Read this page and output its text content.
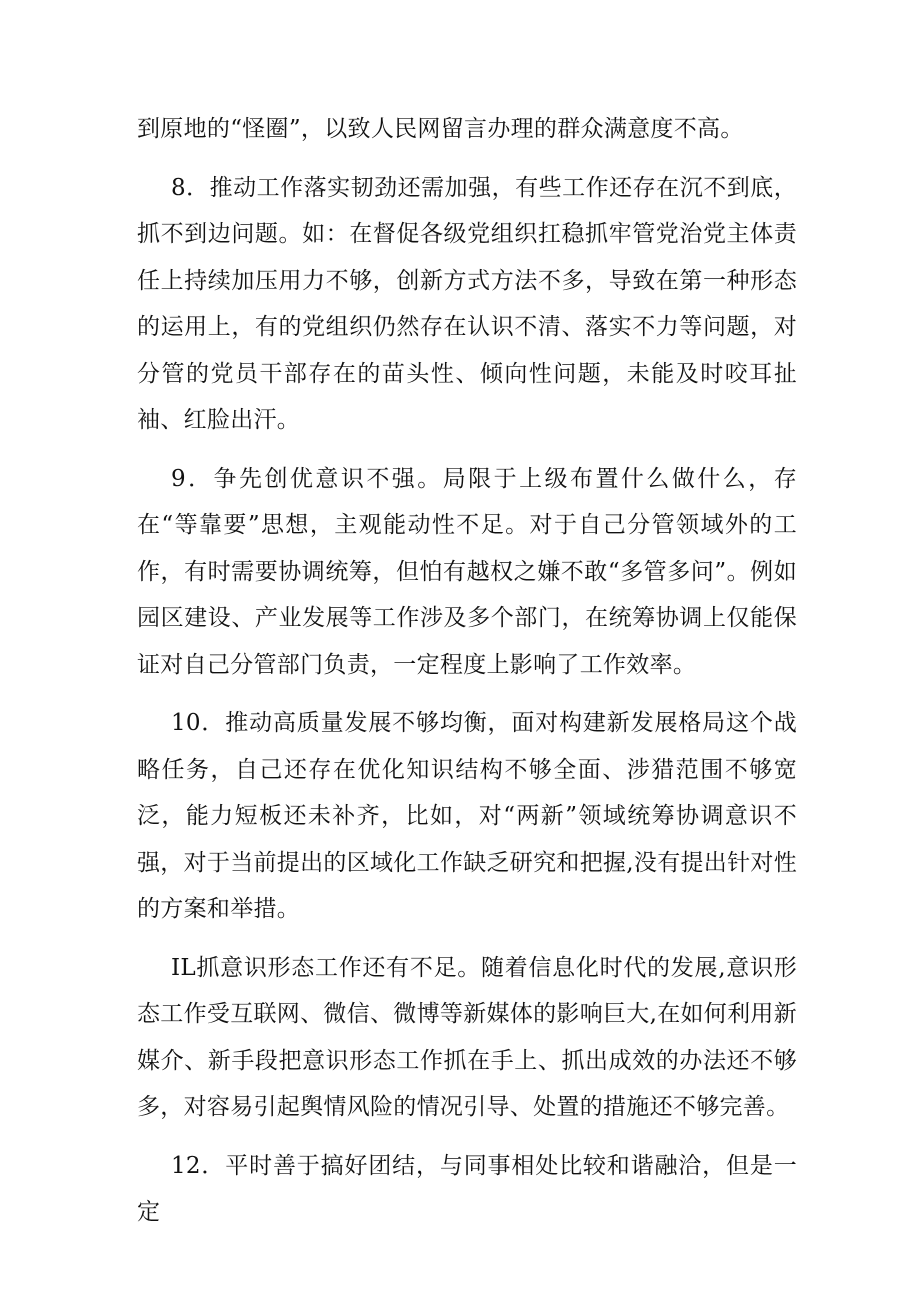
到原地的“怪圈”，以致人民网留言办理的群众满意度不高。

8．推动工作落实韧劲还需加强，有些工作还存在沉不到底，抓不到边问题。如：在督促各级党组织扛稳抓牢管党治党主体责任上持续加压用力不够，创新方式方法不多，导致在第一种形态的运用上，有的党组织仍然存在认识不清、落实不力等问题，对分管的党员干部存在的苗头性、倾向性问题，未能及时咬耳扯袖、红脸出汗。

9．争先创优意识不强。局限于上级布置什么做什么，存在“等靠要”思想，主观能动性不足。对于自己分管领域外的工作，有时需要协调统筹，但怕有越权之嫌不敢“多管多问”。例如园区建设、产业发展等工作涉及多个部门，在统筹协调上仅能保证对自己分管部门负责，一定程度上影响了工作效率。

10．推动高质量发展不够均衡，面对构建新发展格局这个战略任务，自己还存在优化知识结构不够全面、涉猎范围不够宽泛，能力短板还未补齐，比如，对“两新”领域统筹协调意识不强，对于当前提出的区域化工作缺乏研究和把握,没有提出针对性的方案和举措。

IL抓意识形态工作还有不足。随着信息化时代的发展,意识形态工作受互联网、微信、微博等新媒体的影响巨大,在如何利用新媒介、新手段把意识形态工作抓在手上、抓出成效的办法还不够多，对容易引起舆情风险的情况引导、处置的措施还不够完善。

12．平时善于搞好团结，与同事相处比较和谐融洽，但是一定
